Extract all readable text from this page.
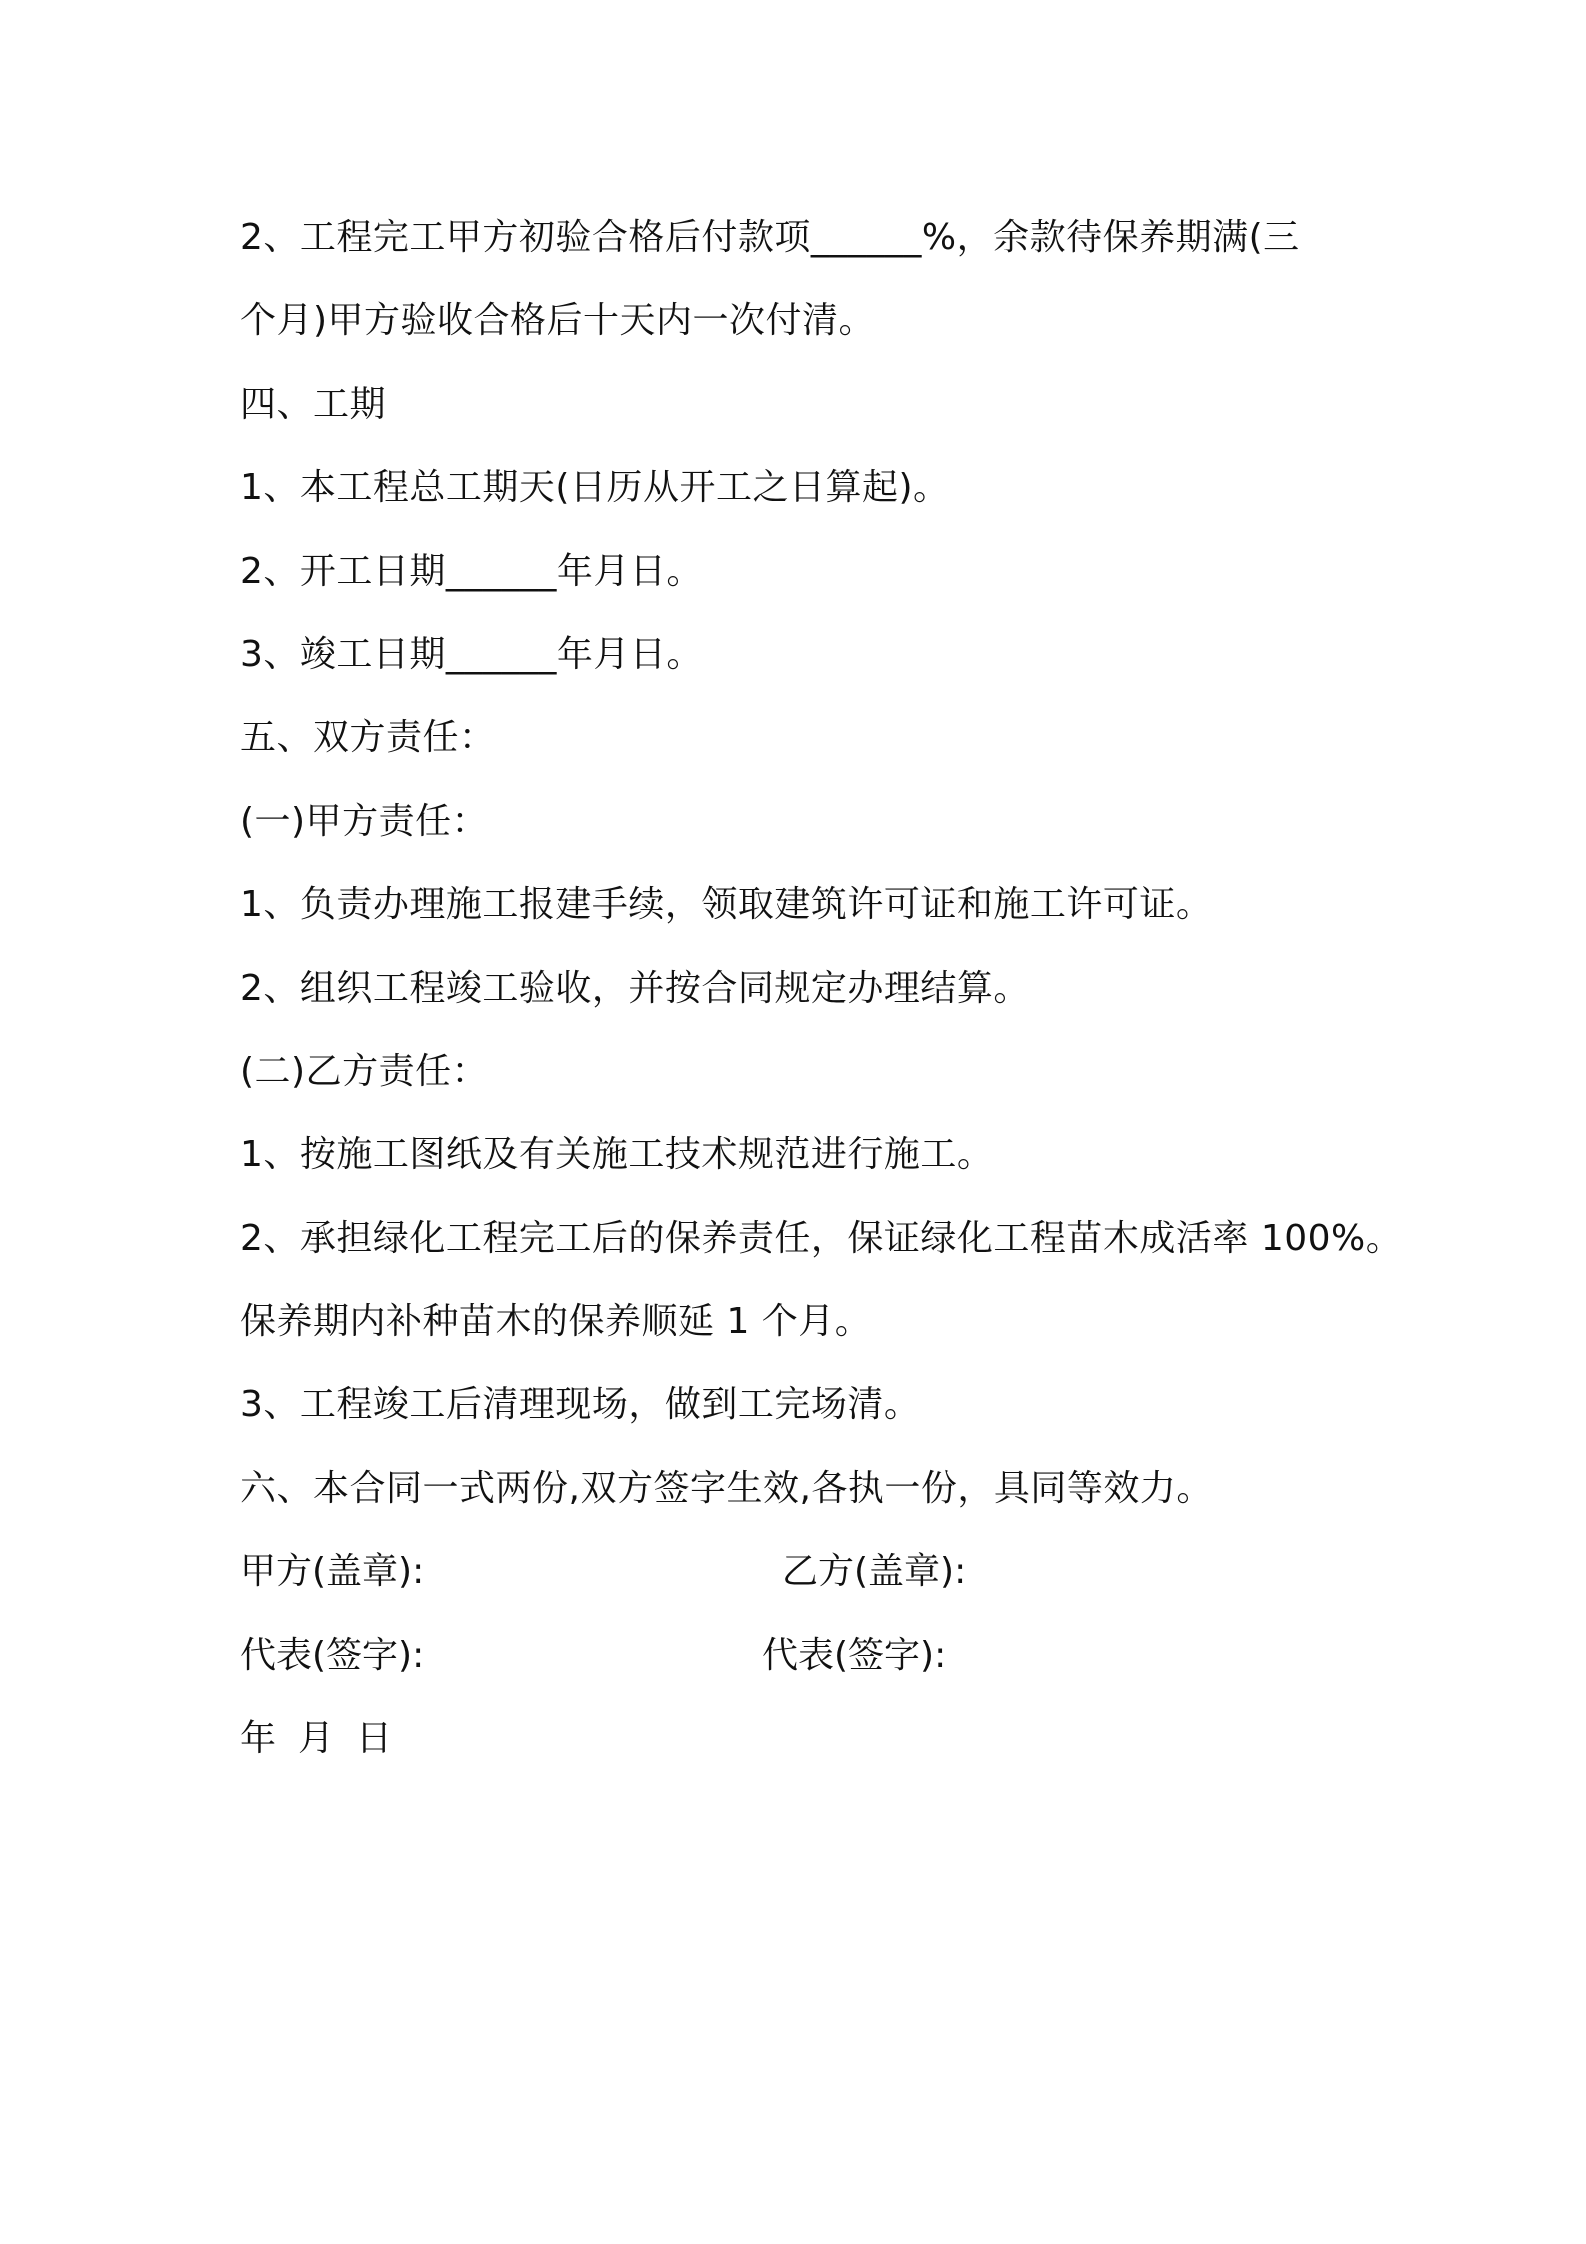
2、工程完工甲方初验合格后付款项______%，余款待保养期满(三
个月)甲方验收合格后十天内一次付清。
四、工期
1、本工程总工期天(日历从开工之日算起)。
2、开工日期______年月日。
3、竣工日期______年月日。
五、双方责任：
(一)甲方责任：
1、负责办理施工报建手续，领取建筑许可证和施工许可证。
2、组织工程竣工验收，并按合同规定办理结算。
(二)乙方责任：
1、按施工图纸及有关施工技术规范进行施工。
2、承担绿化工程完工后的保养责任，保证绿化工程苗木成活率 100%。
保养期内补种苗木的保养顺延 1 个月。
3、工程竣工后清理现场，做到工完场清。
六、本合同一式两份,双方签字生效,各执一份，具同等效力。
甲方(盖章):	乙方(盖章):
代表(签字):	代表(签字):
年 月 日
